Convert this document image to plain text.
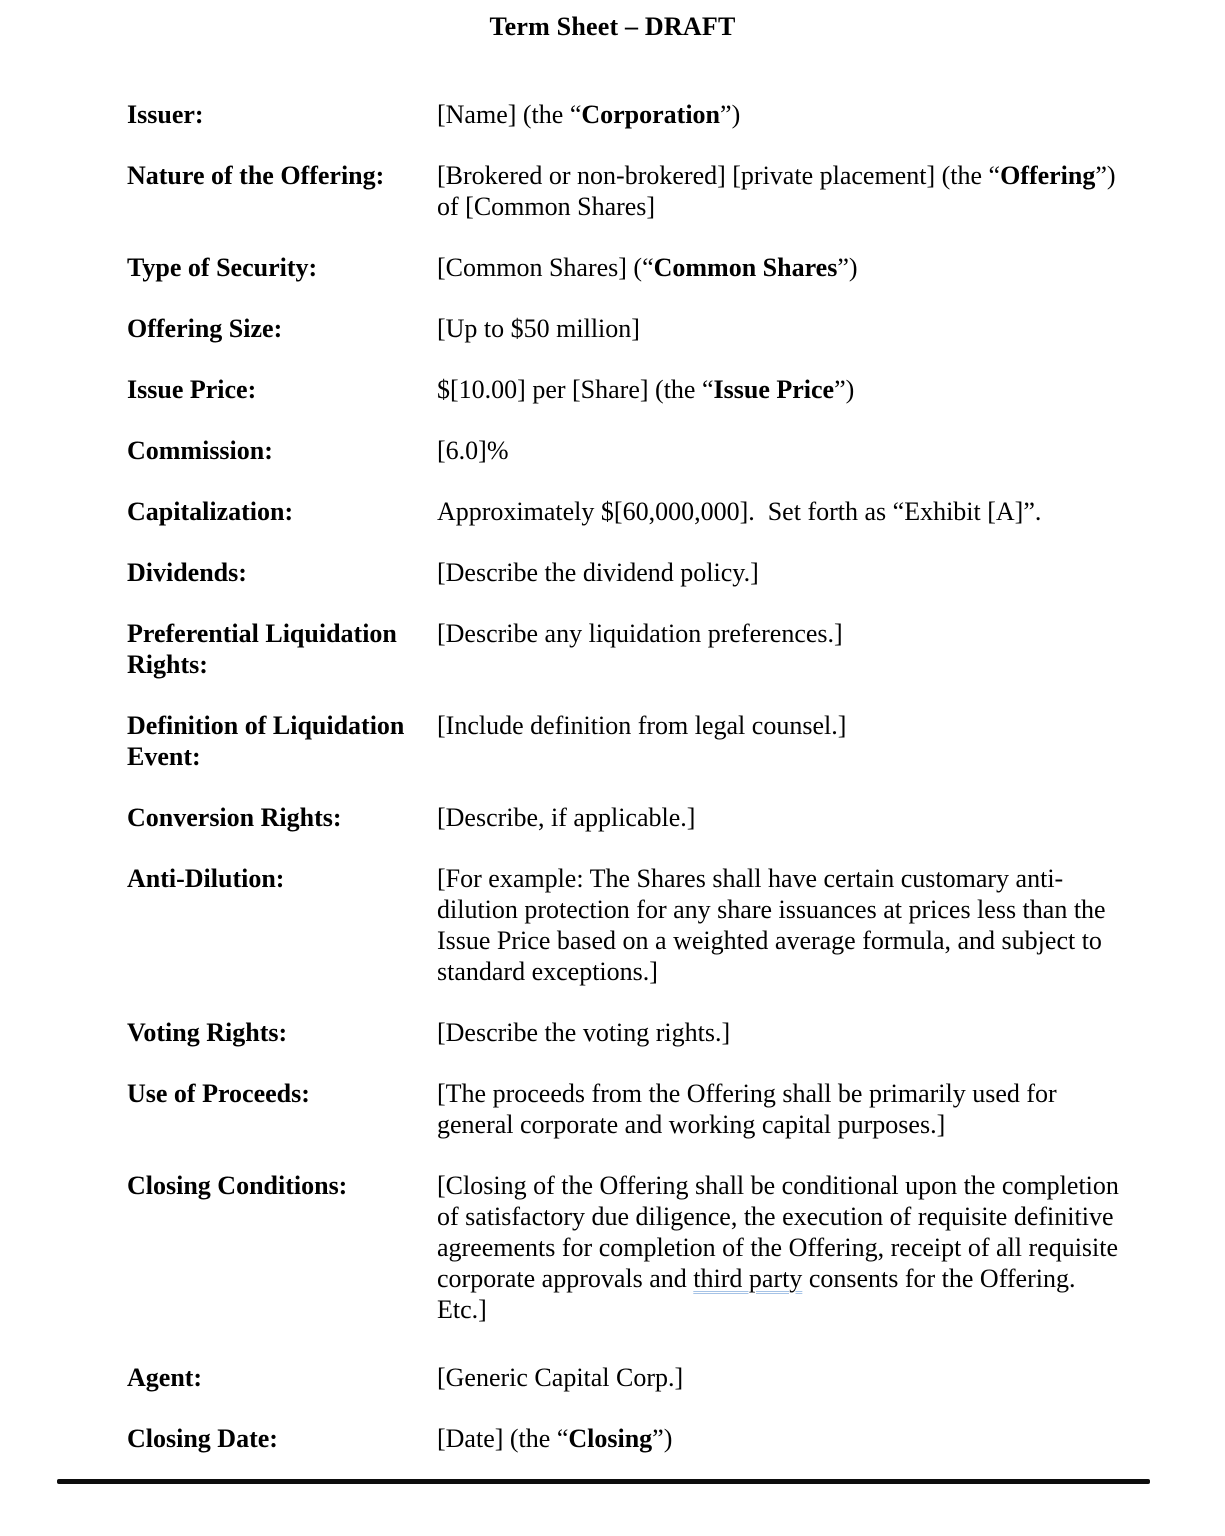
Term Sheet – DRAFT
Issuer:	[Name] (the “Corporation”)
Nature of the Offering:	[Brokered or non-brokered] [private placement] (the “Offering”) of [Common Shares]
Type of Security:	[Common Shares] (“Common Shares”)
Offering Size:	[Up to $50 million]
Issue Price:	$[10.00] per [Share] (the “Issue Price”)
Commission:	[6.0]%
Capitalization:	Approximately $[60,000,000].  Set forth as “Exhibit [A]”.
Dividends:	[Describe the dividend policy.]
Preferential Liquidation Rights:
[Describe any liquidation preferences.]
Definition of Liquidation Event:
[Include definition from legal counsel.]
Conversion Rights:	[Describe, if applicable.]
Anti-Dilution:	[For example: The Shares shall have certain customary anti-dilution protection for any share issuances at prices less than the Issue Price based on a weighted average formula, and subject to standard exceptions.]
Voting Rights:	[Describe the voting rights.]
Use of Proceeds:	[The proceeds from the Offering shall be primarily used for general corporate and working capital purposes.]
Closing Conditions:	[Closing of the Offering shall be conditional upon the completion of satisfactory due diligence, the execution of requisite definitive agreements for completion of the Offering, receipt of all requisite corporate approvals and third party consents for the Offering. Etc.]
Agent:	[Generic Capital Corp.]
Closing Date:	[Date] (the “Closing”)
